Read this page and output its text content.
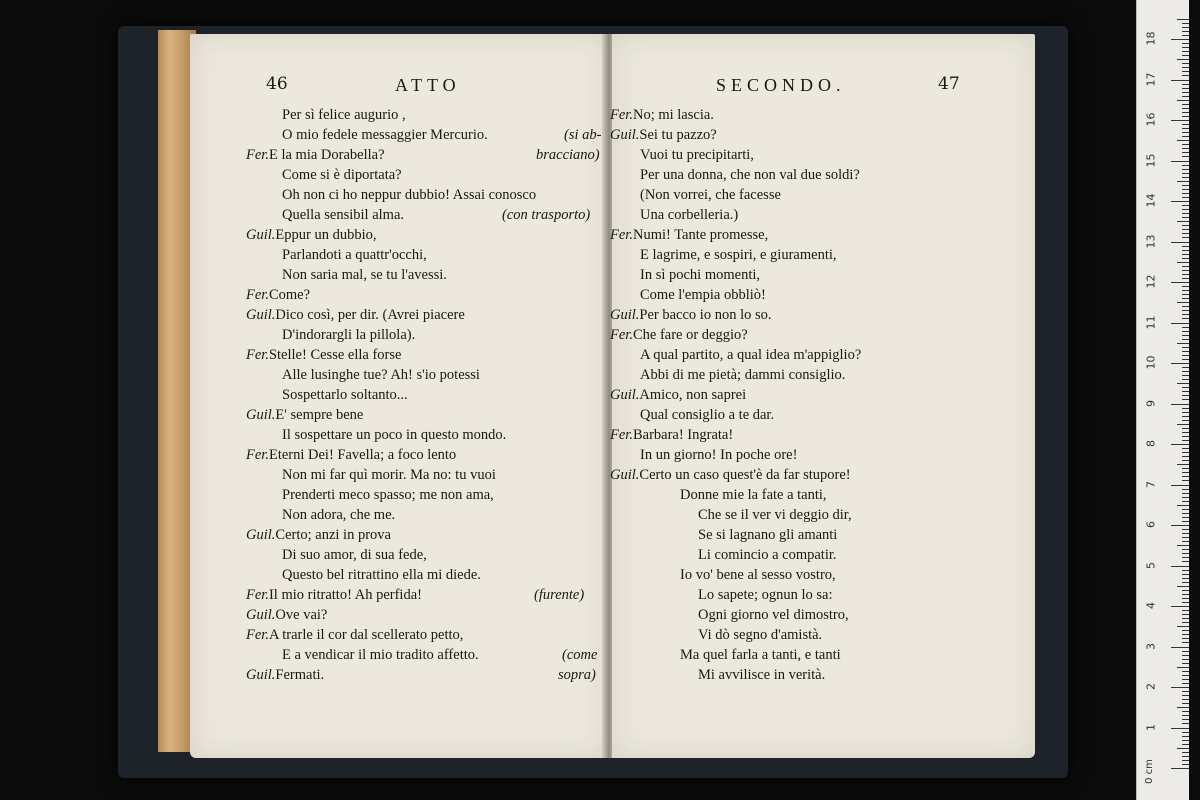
46	ATTO
Per sì felice augurio ,
O mio fedele messaggier Mercurio.
Fer.E la mia Dorabella?
Come si è diportata?
Oh non ci ho neppur dubbio! Assai conosco
Quella sensibil alma.
Guil.Eppur un dubbio,
Parlandoti a quattr'occhi,
Non saria mal, se tu l'avessi.
Fer.Come?
Guil.Dico così, per dir. (Avrei piacere
D'indorargli la pillola).
Fer.Stelle! Cesse ella forse
Alle lusinghe tue? Ah! s'io potessi
Sospettarlo soltanto...
Guil.E' sempre bene
Il sospettare un poco in questo mondo.
Fer.Eterni Dei! Favella; a foco lento
Non mi far quì morir. Ma no: tu vuoi
Prenderti meco spasso; me non ama,
Non adora, che me.
Guil.Certo; anzi in prova
Di suo amor, di sua fede,
Questo bel ritrattino ella mi diede.
Fer.Il mio ritratto! Ah perfida!
Guil.Ove vai?
Fer.A trarle il cor dal scellerato petto,
E a vendicar il mio tradito affetto.
Guil.Fermati.
(si ab-
bracciano)
(con trasporto)
(furente)
(come
sopra)
SECONDO.	47
Fer.No; mi lascia.
Guil.Sei tu pazzo?
Vuoi tu precipitarti,
Per una donna, che non val due soldi?
(Non vorrei, che facesse
Una corbelleria.)
Fer.Numi! Tante promesse,
E lagrime, e sospiri, e giuramenti,
In sì pochi momenti,
Come l'empia obbliò!
Guil.Per bacco io non lo so.
Fer.Che fare or deggio?
A qual partito, a qual idea m'appiglio?
Abbi di me pietà; dammi consiglio.
Guil.Amico, non saprei
Qual consiglio a te dar.
Fer.Barbara! Ingrata!
In un giorno! In poche ore!
Guil.Certo un caso quest'è da far stupore!
Donne mie la fate a tanti,
Che se il ver vi deggio dir,
Se si lagnano gli amanti
Li comincio a compatir.
Io vo' bene al sesso vostro,
Lo sapete; ognun lo sa:
Ogni giorno vel dimostro,
Vi dò segno d'amistà.
Ma quel farla a tanti, e tanti
Mi avvilisce in verità.
1
2
3
4
5
6
7
8
9
10
11
12
13
14
15
16
17
18
0 cm
